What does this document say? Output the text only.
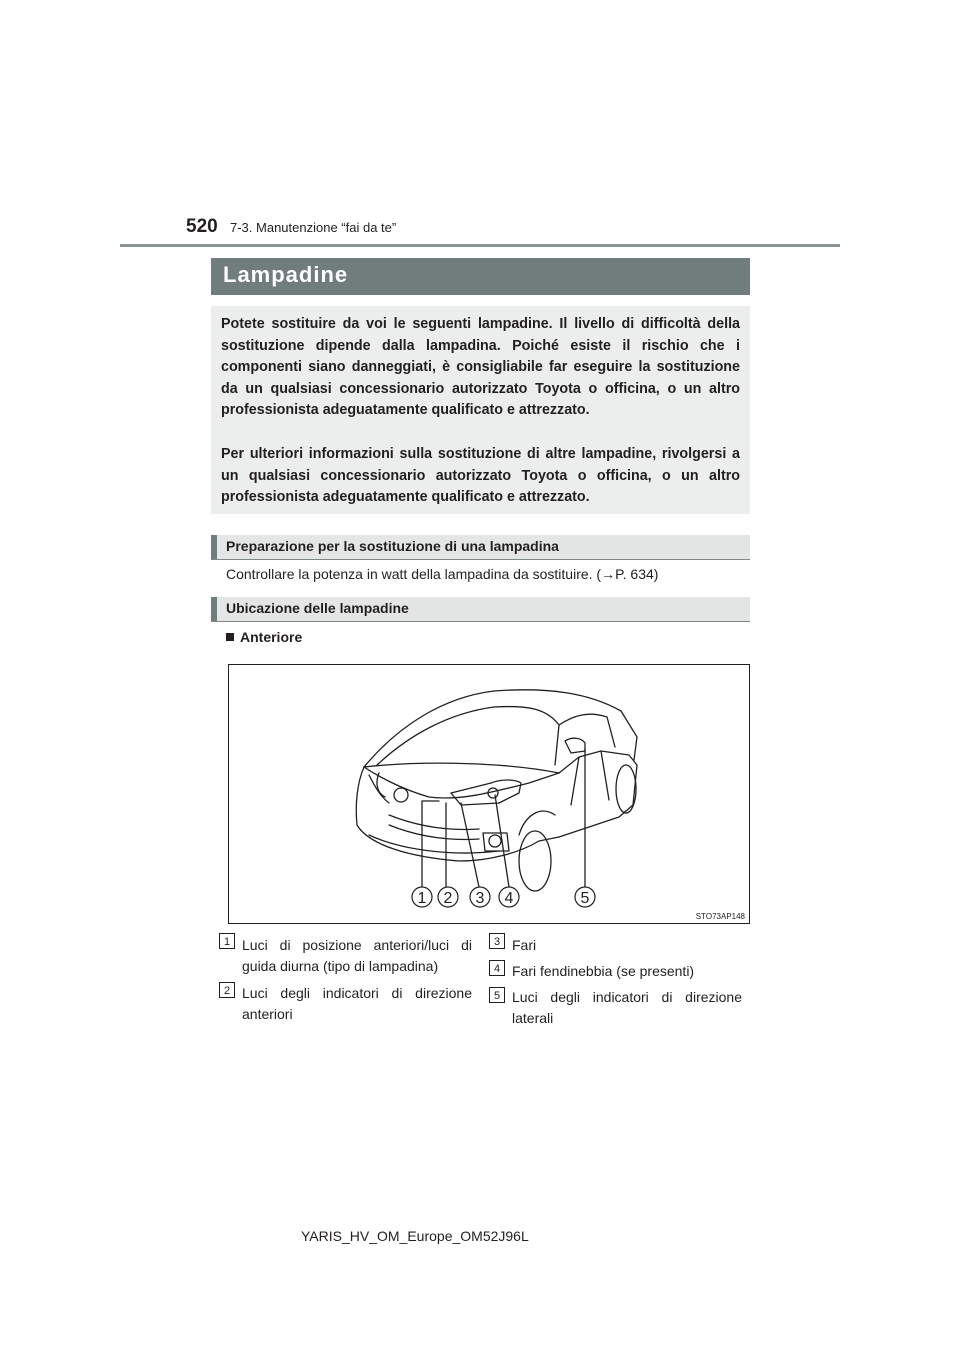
520 7-3. Manutenzione “fai da te”
Lampadine

Potete sostituire da voi le seguenti lampadine. Il livello di difficoltà della sostituzione dipende dalla lampadina. Poiché esiste il rischio che i componenti siano danneggiati, è consigliabile far eseguire la sostituzione da un qualsiasi concessionario autorizzato Toyota o officina, o un altro professionista adeguatamente qualificato e attrezzato.

Per ulteriori informazioni sulla sostituzione di altre lampadine, rivolgersi a un qualsiasi concessionario autorizzato Toyota o officina, o un altro professionista adeguatamente qualificato e attrezzato.

Preparazione per la sostituzione di una lampadina
Controllare la potenza in watt della lampadina da sostituire. (→P. 634)
Ubicazione delle lampadine
Anteriore
1 2 3 4	5
STO73AP148
1 Luci di posizione anteriori/luci di guida diurna (tipo di lampadina)
2 Luci degli indicatori di direzione anteriori
3 Fari
4 Fari fendinebbia (se presenti)
5 Luci degli indicatori di direzione laterali
YARIS_HV_OM_Europe_OM52J96L
